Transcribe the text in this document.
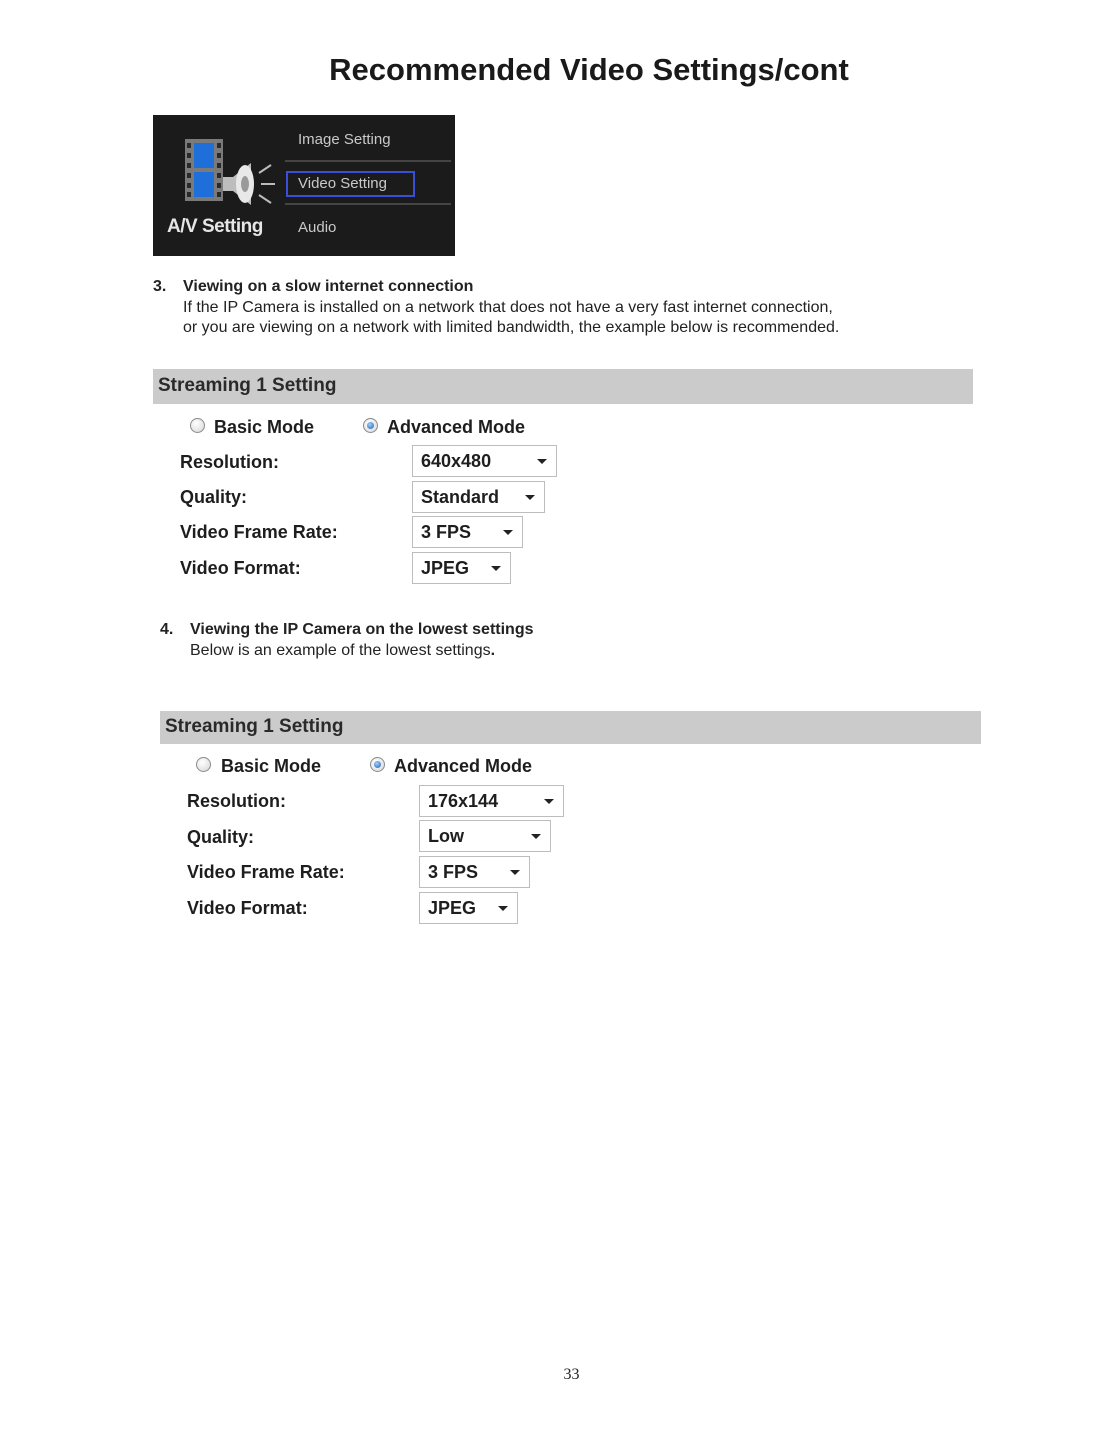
Recommended Video Settings/cont
A/V Setting
Image Setting
Video Setting
Audio
3. Viewing on a slow internet connection
If the IP Camera is installed on a network that does not have a very fast internet connection,
or you are viewing on a network with limited bandwidth, the example below is recommended.
Streaming 1 Setting
Basic Mode	Advanced Mode
Resolution:	640x480
Quality:	Standard
Video Frame Rate:	3 FPS
Video Format:	JPEG
4. Viewing the IP Camera on the lowest settings
Below is an example of the lowest settings.
Streaming 1 Setting
Basic Mode	Advanced Mode
Resolution:	176x144
Quality:	Low
Video Frame Rate:	3 FPS
Video Format:	JPEG
33
